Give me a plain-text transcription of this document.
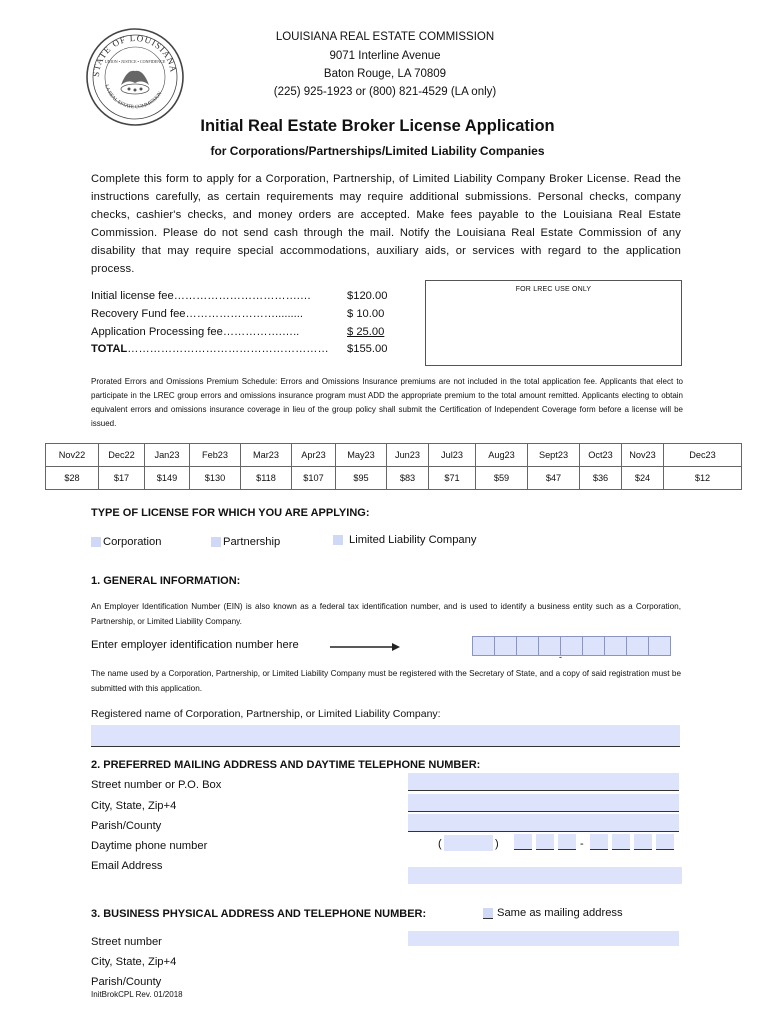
STATE OF LOUISIANA
LA REAL ESTATE COMMISSION
UNION • JUSTICE • CONFIDENCE
LOUISIANA REAL ESTATE COMMISSION
9071 Interline Avenue
Baton Rouge, LA 70809
(225) 925-1923 or (800) 821-4529 (LA only)
Initial Real Estate Broker License Application
for Corporations/Partnerships/Limited Liability Companies
Complete this form to apply for a Corporation, Partnership, of Limited Liability Company Broker License. Read the instructions carefully, as certain requirements may require additional submissions. Personal checks, company checks, cashier's checks, and money orders are accepted. Make fees payable to the Louisiana Real Estate Commission. Please do not send cash through the mail. Notify the Louisiana Real Estate Commission of any disability that may require special accommodations, auxiliary aids, or services with regard to the application process.
Initial license fee…………………………….…	$120.00
Recovery Fund fee…………………….........	$ 10.00
Application Processing fee…………….…..	$ 25.00
TOTAL……………………………………………… $155.00
FOR LREC USE ONLY
Prorated Errors and Omissions Premium Schedule: Errors and Omissions Insurance premiums are not included in the total application fee. Applicants that elect to participate in the LREC group errors and omissions insurance program must ADD the appropriate premium to the total amount remitted. Applicants electing to obtain equivalent errors and omissions insurance coverage in lieu of the group policy shall submit the Certification of Independent Coverage form before a license will be issued.
Nov22	Dec22	Jan23	Feb23	Mar23	Apr23	May23	Jun23	Jul23	Aug23	Sept23	Oct23	Nov23	Dec23
$28	$17	$149	$130	$118	$107	$95	$83	$71	$59	$47	$36	$24	$12
TYPE OF LICENSE FOR WHICH YOU ARE APPLYING:
Corporation	Partnership	Limited Liability Company
1. GENERAL INFORMATION:
An Employer Identification Number (EIN) is also known as a federal tax identification number, and is used to identify a business entity such as a Corporation, Partnership, or Limited Liability Company.
Enter employer identification number here
-
The name used by a Corporation, Partnership, or Limited Liability Company must be registered with the Secretary of State, and a copy of said registration must be submitted with this application.
Registered name of Corporation, Partnership, or Limited Liability Company:
2. PREFERRED MAILING ADDRESS AND DAYTIME TELEPHONE NUMBER:
Street number or P.O. Box
City, State, Zip+4
Parish/County
Daytime phone number	(	)	-
Email Address
3. BUSINESS PHYSICAL ADDRESS AND TELEPHONE NUMBER:	Same as mailing address
Street number
City, State, Zip+4
Parish/County
InitBrokCPL Rev. 01/2018
